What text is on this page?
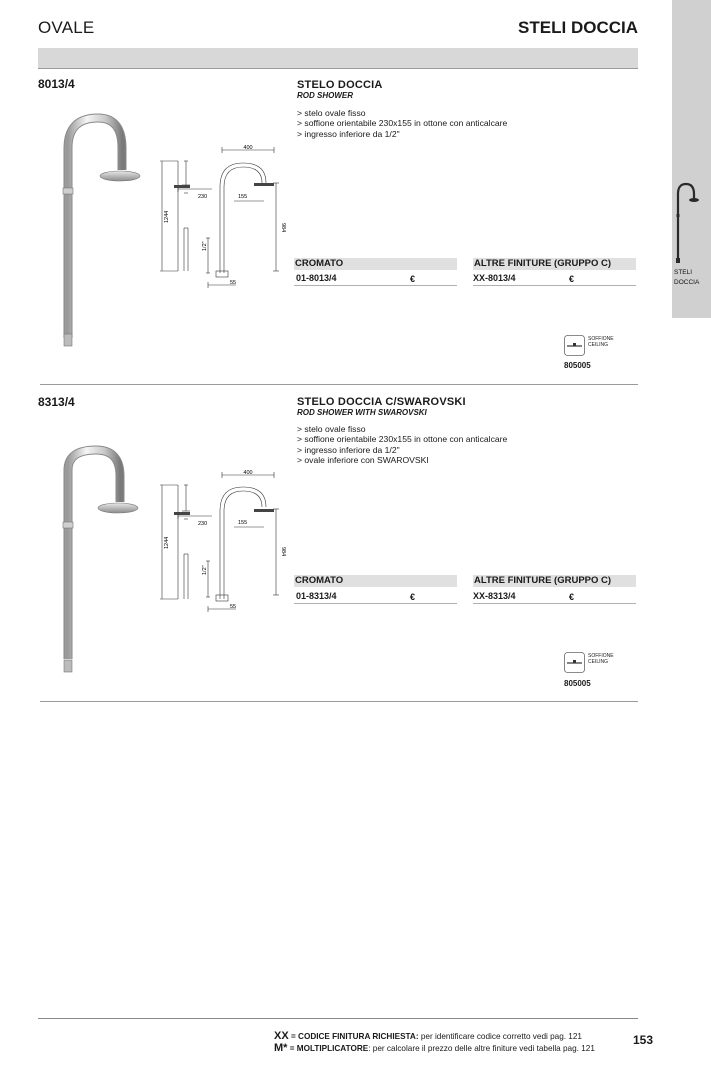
OVALE	STELI DOCCIA
STELI
DOCCIA
8013/4
400
230	155
1244
984
1/2"
55
STELO DOCCIA
ROD SHOWER
> stelo ovale fisso
> soffione orientabile 230x155 in ottone con anticalcare
> ingresso inferiore da 1/2"
CROMATO	ALTRE FINITURE (GRUPPO C)
01-8013/4	€	XX-8013/4	€
SOFFIONE
CEILING
805005
8313/4
400
230	155
1244
984
1/2"
55
STELO DOCCIA C/SWAROVSKI
ROD SHOWER WITH SWAROVSKI
> stelo ovale fisso
> soffione orientabile 230x155 in ottone con anticalcare
> ingresso inferiore da 1/2"
> ovale inferiore con SWAROVSKI
CROMATO	ALTRE FINITURE (GRUPPO C)
01-8313/4	€	XX-8313/4	€
SOFFIONE
CEILING
805005
XX = CODICE FINITURA RICHIESTA: per identificare codice corretto vedi pag. 121
M* = MOLTIPLICATORE: per calcolare il prezzo delle altre finiture vedi tabella pag. 121
153
